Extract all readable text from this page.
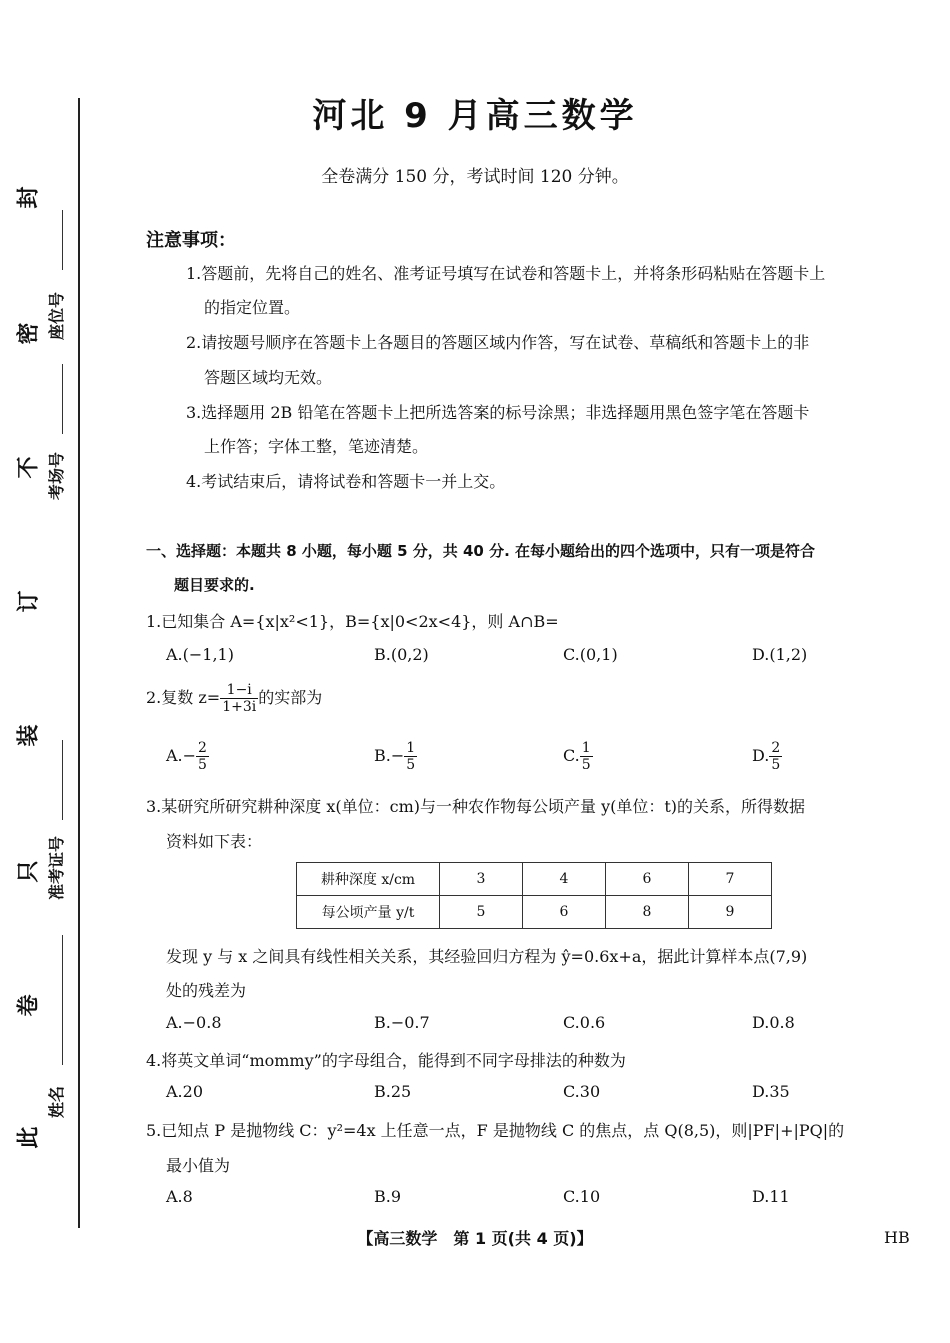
封
密
不
订
装
只
卷
此
座位号
考场号
准考证号
姓名
河北 9 月高三数学
全卷满分 150 分，考试时间 120 分钟。
注意事项：
1.答题前，先将自己的姓名、准考证号填写在试卷和答题卡上，并将条形码粘贴在答题卡上
的指定位置。
2.请按题号顺序在答题卡上各题目的答题区域内作答，写在试卷、草稿纸和答题卡上的非
答题区域均无效。
3.选择题用 2B 铅笔在答题卡上把所选答案的标号涂黑；非选择题用黑色签字笔在答题卡
上作答；字体工整，笔迹清楚。
4.考试结束后，请将试卷和答题卡一并上交。
一、选择题：本题共 8 小题，每小题 5 分，共 40 分. 在每小题给出的四个选项中，只有一项是符合
题目要求的.
1.已知集合 A={x|x²<1}，B={x|0<2x<4}，则 A∩B=
A.(−1,1)	B.(0,2)	C.(0,1)	D.(1,2)
2.复数 $z= \frac{1-i}{1+3i}$ 的实部为
$A.- \frac{2}{5}$	$B.- \frac{1}{5}$	C. $\frac{1}{5}$	D. $\frac{2}{5}$
3.某研究所研究耕种深度 x(单位：cm)与一种农作物每公顷产量 y(单位：t)的关系，所得数据
资料如下表：
耕种深度 x/cm	3	4	6	7
每公顷产量 y/t	5	6	8	9
发现 y 与 x 之间具有线性相关关系，其经验回归方程为 ŷ=0.6x+a，据此计算样本点(7,9)
处的残差为
A.−0.8	B.−0.7	C.0.6	D.0.8
4.将英文单词“mommy”的字母组合，能得到不同字母排法的种数为
A.20	B.25	C.30	D.35
5.已知点 P 是抛物线 C：y²=4x 上任意一点，F 是抛物线 C 的焦点，点 Q(8,5)，则|PF|+|PQ|的
最小值为
A.8	B.9	C.10	D.11
【高三数学　第 1 页(共 4 页)】	HB
